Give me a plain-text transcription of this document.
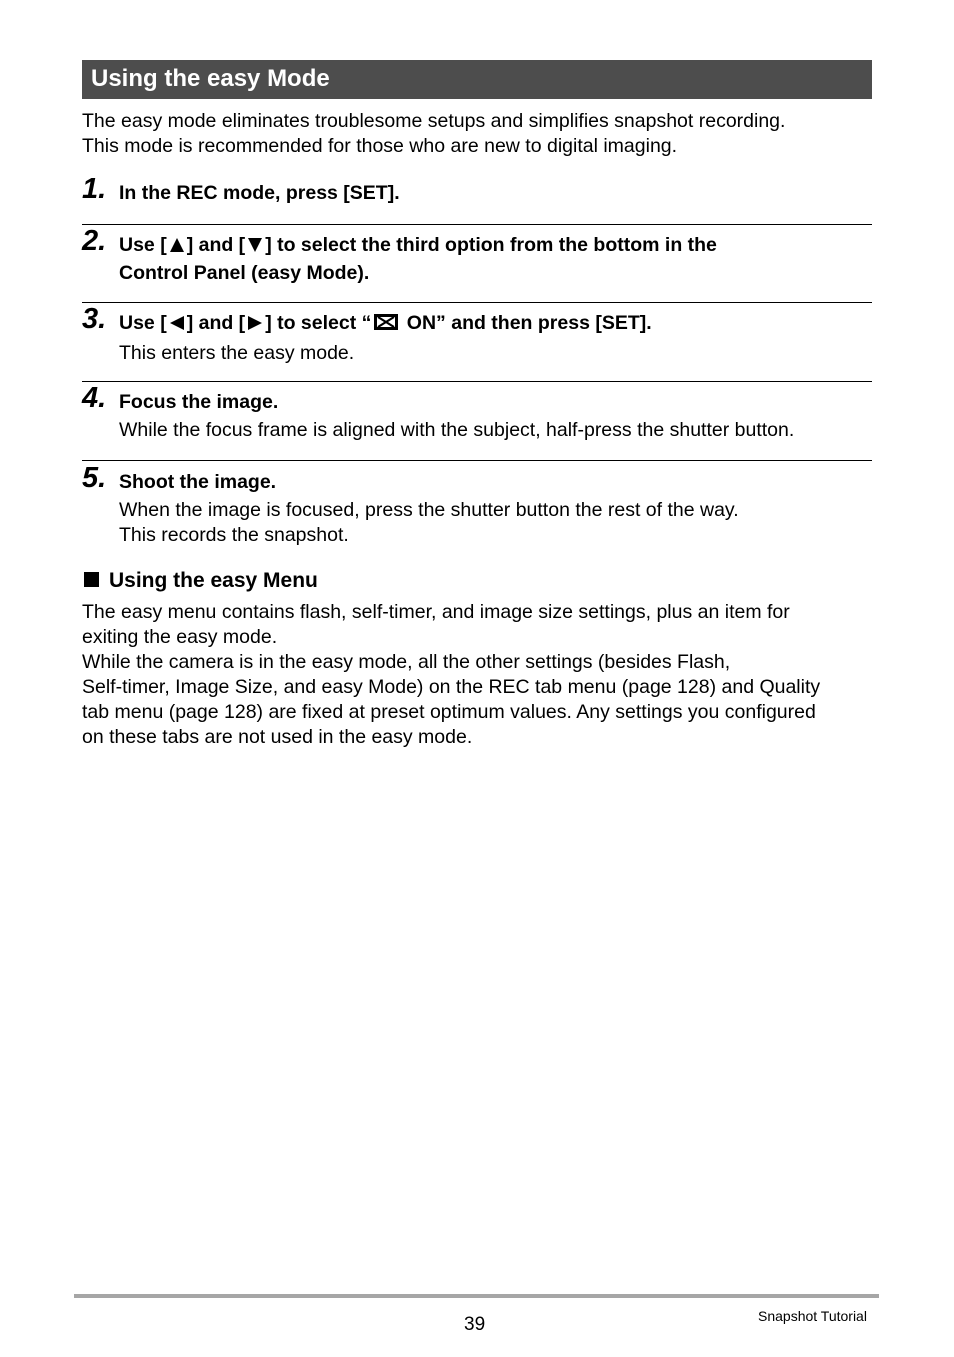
Using the easy Mode
The easy mode eliminates troublesome setups and simplifies snapshot recording.
This mode is recommended for those who are new to digital imaging.
1. In the REC mode, press [SET].
2. Use [ ] and [ ] to select the third option from the bottom in the
Control Panel (easy Mode).
3. Use [ ] and [ ] to select “ ON” and then press [SET].
This enters the easy mode.
4. Focus the image.
While the focus frame is aligned with the subject, half-press the shutter button.
5. Shoot the image.
When the image is focused, press the shutter button the rest of the way.
This records the snapshot.
Using the easy Menu
The easy menu contains flash, self-timer, and image size settings, plus an item for
exiting the easy mode.
While the camera is in the easy mode, all the other settings (besides Flash,
Self-timer, Image Size, and easy Mode) on the REC tab menu (page 128) and Quality
tab menu (page 128) are fixed at preset optimum values. Any settings you configured
on these tabs are not used in the easy mode.
39	Snapshot Tutorial
